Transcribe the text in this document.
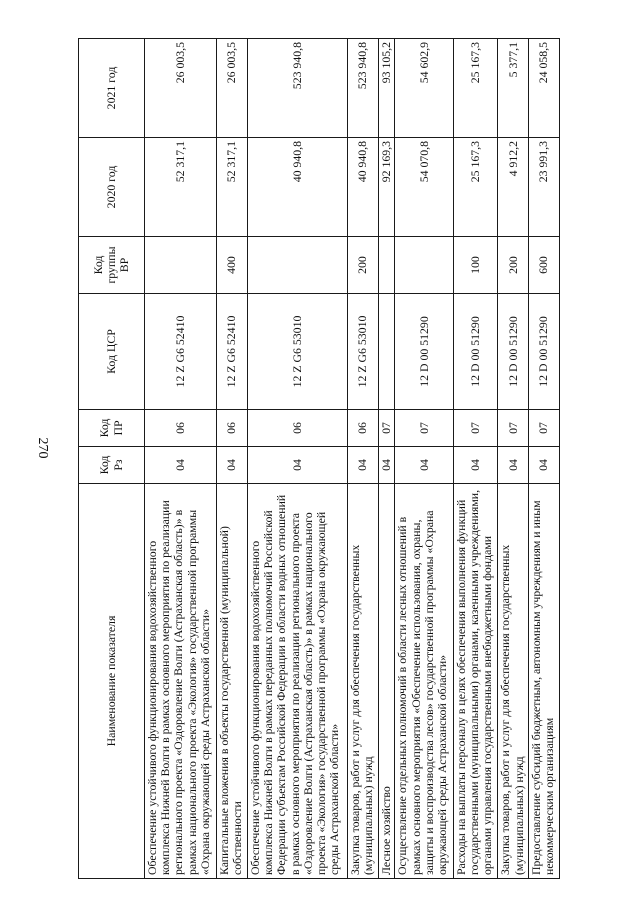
270
Наименование показателя	Код Рз	Код ПР	Код ЦСР	Код группы ВР	2020 год	2021 год
Обеспечение устойчивого функционирования водохозяйственного комплекса Нижней Волги в рамках основного мероприятия по реализации регионального проекта «Оздоровление Волги (Астраханская область)» в рамках национального проекта «Экология» государственной программы «Охрана окружающей среды Астраханской области»	04	06	12 Z G6 52410		52 317,1	26 003,5
Капитальные вложения в объекты государственной (муниципальной) собственности	04	06	12 Z G6 52410	400	52 317,1	26 003,5
Обеспечение устойчивого функционирования водохозяйственного комплекса Нижней Волги в рамках переданных полномочий Российской Федерации субъектам Российской Федерации в области водных отношений в рамках основного мероприятия по реализации регионального проекта «Оздоровление Волги (Астраханская область)» в рамках национального проекта «Экология» государственной программы «Охрана окружающей среды Астраханской области»	04	06	12 Z G6 53010		40 940,8	523 940,8
Закупка товаров, работ и услуг для обеспечения государственных (муниципальных) нужд	04	06	12 Z G6 53010	200	40 940,8	523 940,8
Лесное хозяйство	04	07			92 169,3	93 105,2
Осуществление отдельных полномочий в области лесных отношений в рамках основного мероприятия «Обеспечение использования, охраны, защиты и воспроизводства лесов» государственной программы «Охрана окружающей среды Астраханской области»	04	07	12 D 00 51290		54 070,8	54 602,9
Расходы на выплаты персоналу в целях обеспечения выполнения функций государственными (муниципальными) органами, казенными учреждениями, органами управления государственными внебюджетными фондами	04	07	12 D 00 51290	100	25 167,3	25 167,3
Закупка товаров, работ и услуг для обеспечения государственных (муниципальных) нужд	04	07	12 D 00 51290	200	4 912,2	5 377,1
Предоставление субсидий бюджетным, автономным учреждениям и иным некоммерческим организациям	04	07	12 D 00 51290	600	23 991,3	24 058,5
